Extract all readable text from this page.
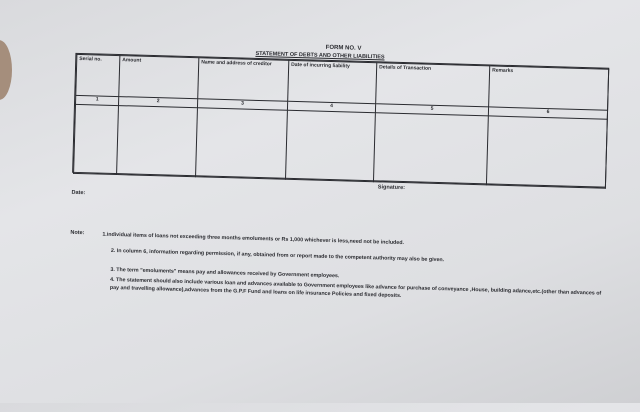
FORM NO. V
STATEMENT OF DEBTS AND OTHER LIABILITIES
Serial no.	Amount	Name and address of creditor	Date of incurring liability	Details of Transaction	Remarks
1	2	3	4	5	6

Signature:
Date:
Note:	1.individual items of loans not exceeding three months emoluments or Rs 1,000 whichever is less,need not be included.
2. In column 6, information regarding permission, if any, obtained from or report made to the competent authority may also be given.
3. The term "emoluments" means pay and allowances received by Government employees.
4. The statement should also include various loan and advances available to Government employees like advance for purchase of conveyance ,House, building adance,etc.(other than advances of pay and travelling allowance),advances from the G.P.F Fund and loans on life insurance Policies and fixed deposits.
